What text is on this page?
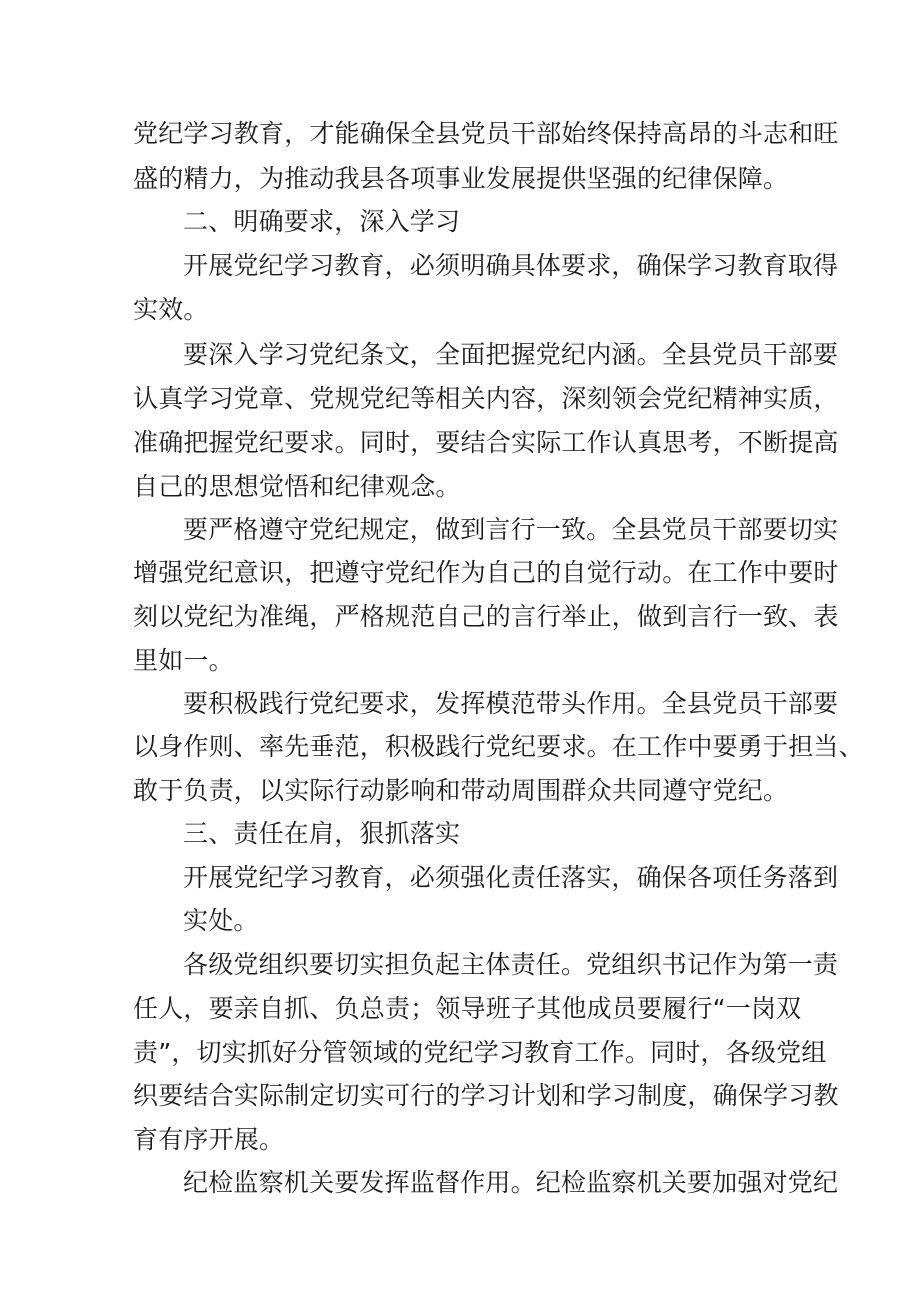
党纪学习教育，才能确保全县党员干部始终保持高昂的斗志和旺

盛的精力，为推动我县各项事业发展提供坚强的纪律保障。

二、明确要求，深入学习

开展党纪学习教育，必须明确具体要求，确保学习教育取得

实效。

要深入学习党纪条文，全面把握党纪内涵。全县党员干部要

认真学习党章、党规党纪等相关内容，深刻领会党纪精神实质，

准确把握党纪要求。同时，要结合实际工作认真思考，不断提高

自己的思想觉悟和纪律观念。

要严格遵守党纪规定，做到言行一致。全县党员干部要切实

增强党纪意识，把遵守党纪作为自己的自觉行动。在工作中要时

刻以党纪为准绳，严格规范自己的言行举止，做到言行一致、表

里如一。

要积极践行党纪要求，发挥模范带头作用。全县党员干部要

以身作则、率先垂范，积极践行党纪要求。在工作中要勇于担当、

敢于负责，以实际行动影响和带动周围群众共同遵守党纪。

三、责任在肩，狠抓落实

开展党纪学习教育，必须强化责任落实，确保各项任务落到

实处。

各级党组织要切实担负起主体责任。党组织书记作为第一责

任人，要亲自抓、负总责；领导班子其他成员要履行“一岗双

责”，切实抓好分管领域的党纪学习教育工作。同时，各级党组

织要结合实际制定切实可行的学习计划和学习制度，确保学习教

育有序开展。

纪检监察机关要发挥监督作用。纪检监察机关要加强对党纪
